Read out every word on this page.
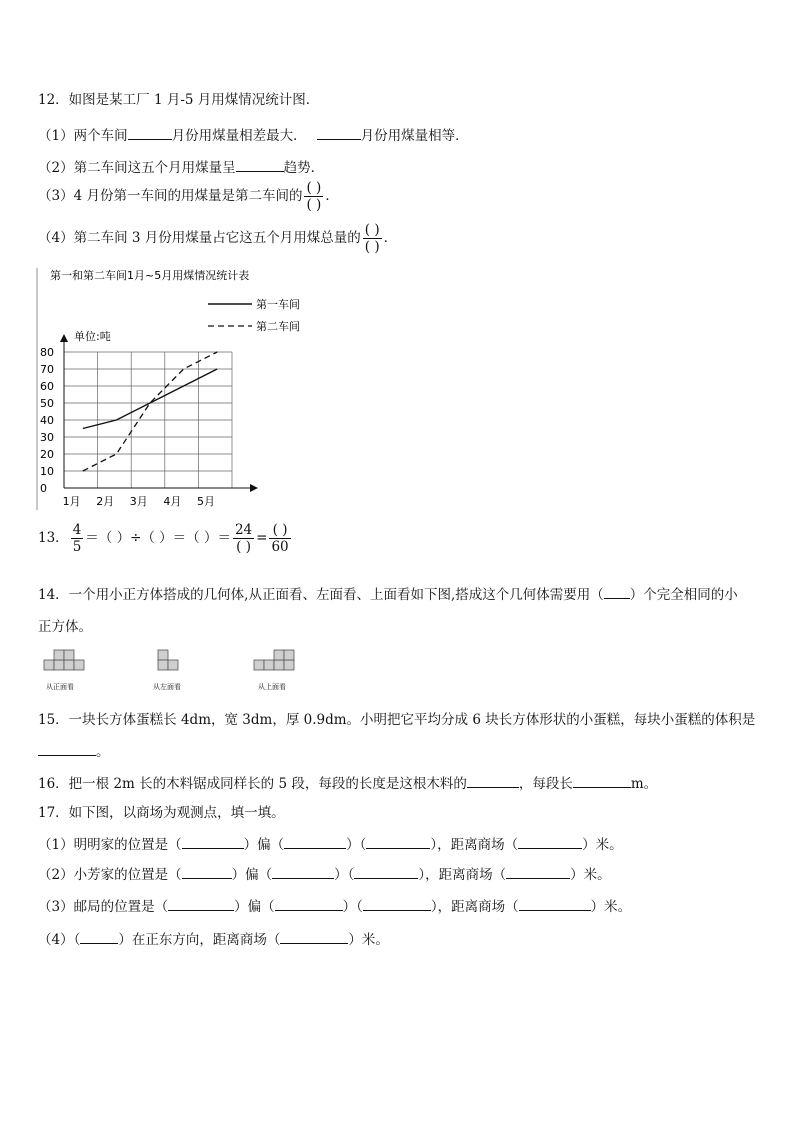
12．如图是某工厂 1 月-5 月用煤情况统计图．
（1）两个车间	月份用煤量相差最大．	月份用煤量相等．
（2）第二车间这五个月用煤量呈	趋势．
（3）4 月份第一车间的用煤量是第二车间的 $\frac{( )}{( )}$ ．
（4）第二车间 3 月份用煤量占它这五个月用煤总量的 $\frac{( )}{( )}$ ．
第一和第二车间1月~5月用煤情况统计表
第一车间
第二车间
单位:吨
0
10
20
30
40
50
60
70
80
1月 2月 3月 4月 5月
13． $\frac{4}{5}$ ＝（ ）÷（ ）＝（ ）＝ $\frac{24}{( )} = \frac{( )}{60}$
14．一个用小正方体搭成的几何体,从正面看、左面看、上面看如下图,搭成这个几何体需要用（ ）个完全相同的小
正方体。
从正面看	从左面看	从上面看
15．一块长方体蛋糕长 4dm，宽 3dm，厚 0.9dm。小明把它平均分成 6 块长方体形状的小蛋糕，每块小蛋糕的体积是
。
16．把一根 2m 长的木料锯成同样长的 5 段，每段的长度是这根木料的	，每段长	m。
17．如下图，以商场为观测点，填一填。
（1）明明家的位置是（	）偏（	）（	），距离商场（	）米。
（2）小芳家的位置是（	）偏（	）（	），距离商场（	）米。
（3）邮局的位置是（	）偏（	）（	），距离商场（	）米。
（4）（	）在正东方向，距离商场（	）米。
